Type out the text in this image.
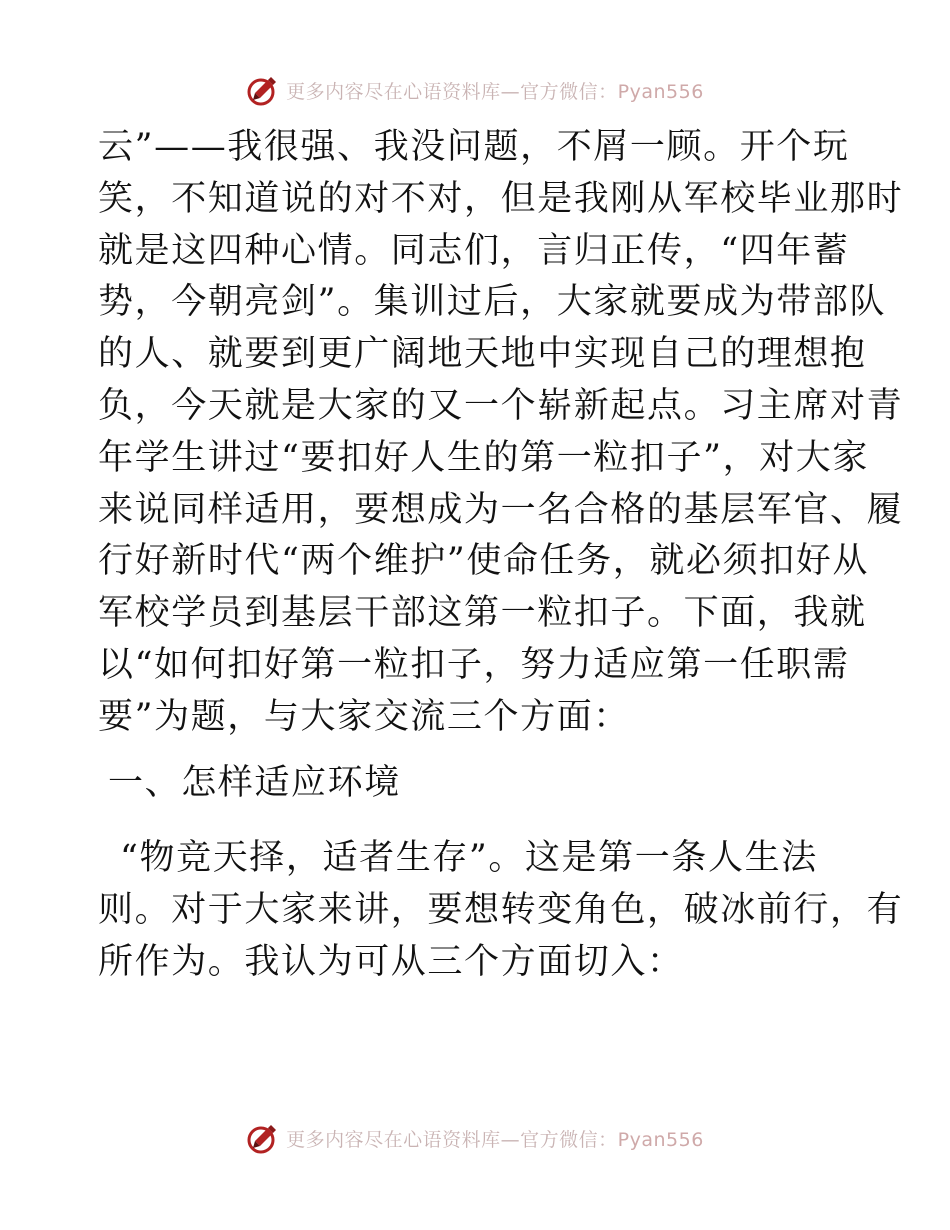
更多内容尽在心语资料库—官方微信：Pyan556
云”——我很强、我没问题，不屑一顾。开个玩
笑，不知道说的对不对，但是我刚从军校毕业那时
就是这四种心情。同志们，言归正传，“四年蓄
势，今朝亮剑”。集训过后，大家就要成为带部队
的人、就要到更广阔地天地中实现自己的理想抱
负，今天就是大家的又一个崭新起点。习主席对青
年学生讲过“要扣好人生的第一粒扣子”，对大家
来说同样适用，要想成为一名合格的基层军官、履
行好新时代“两个维护”使命任务，就必须扣好从
军校学员到基层干部这第一粒扣子。下面，我就
以“如何扣好第一粒扣子，努力适应第一任职需
要”为题，与大家交流三个方面：
一、怎样适应环境
“物竞天择，适者生存”。这是第一条人生法
则。对于大家来讲，要想转变角色，破冰前行，有
所作为。我认为可从三个方面切入：
更多内容尽在心语资料库—官方微信：Pyan556
